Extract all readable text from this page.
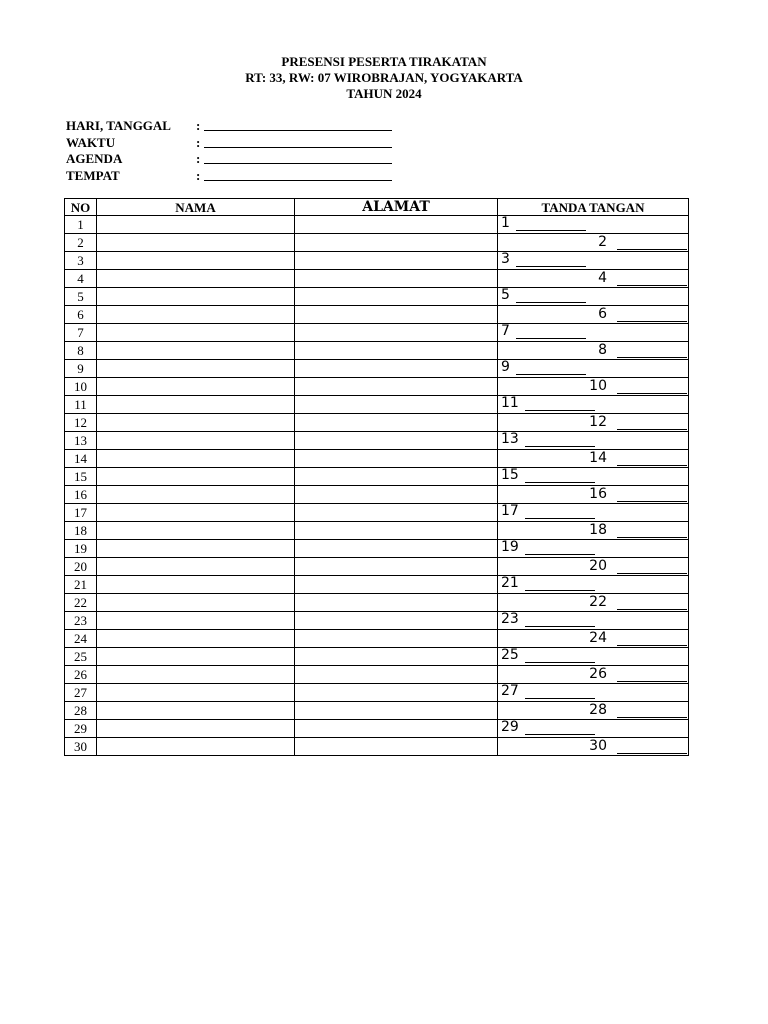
PRESENSI PESERTA TIRAKATAN
RT: 33, RW: 07 WIROBRAJAN, YOGYAKARTA
TAHUN 2024
HARI, TANGGAL	:
WAKTU	:
AGENDA	:
TEMPAT	:
NO	NAMA	ALAMAT	TANDA TANGAN
1			1

2			2

3			3

4			4

5			5

6			6

7			7

8			8

9			9

10			10

11			11

12			12

13			13

14			14

15			15

16			16

17			17

18			18

19			19

20			20

21			21

22			22

23			23

24			24

25			25

26			26

27			27

28			28

29			29

30			30
